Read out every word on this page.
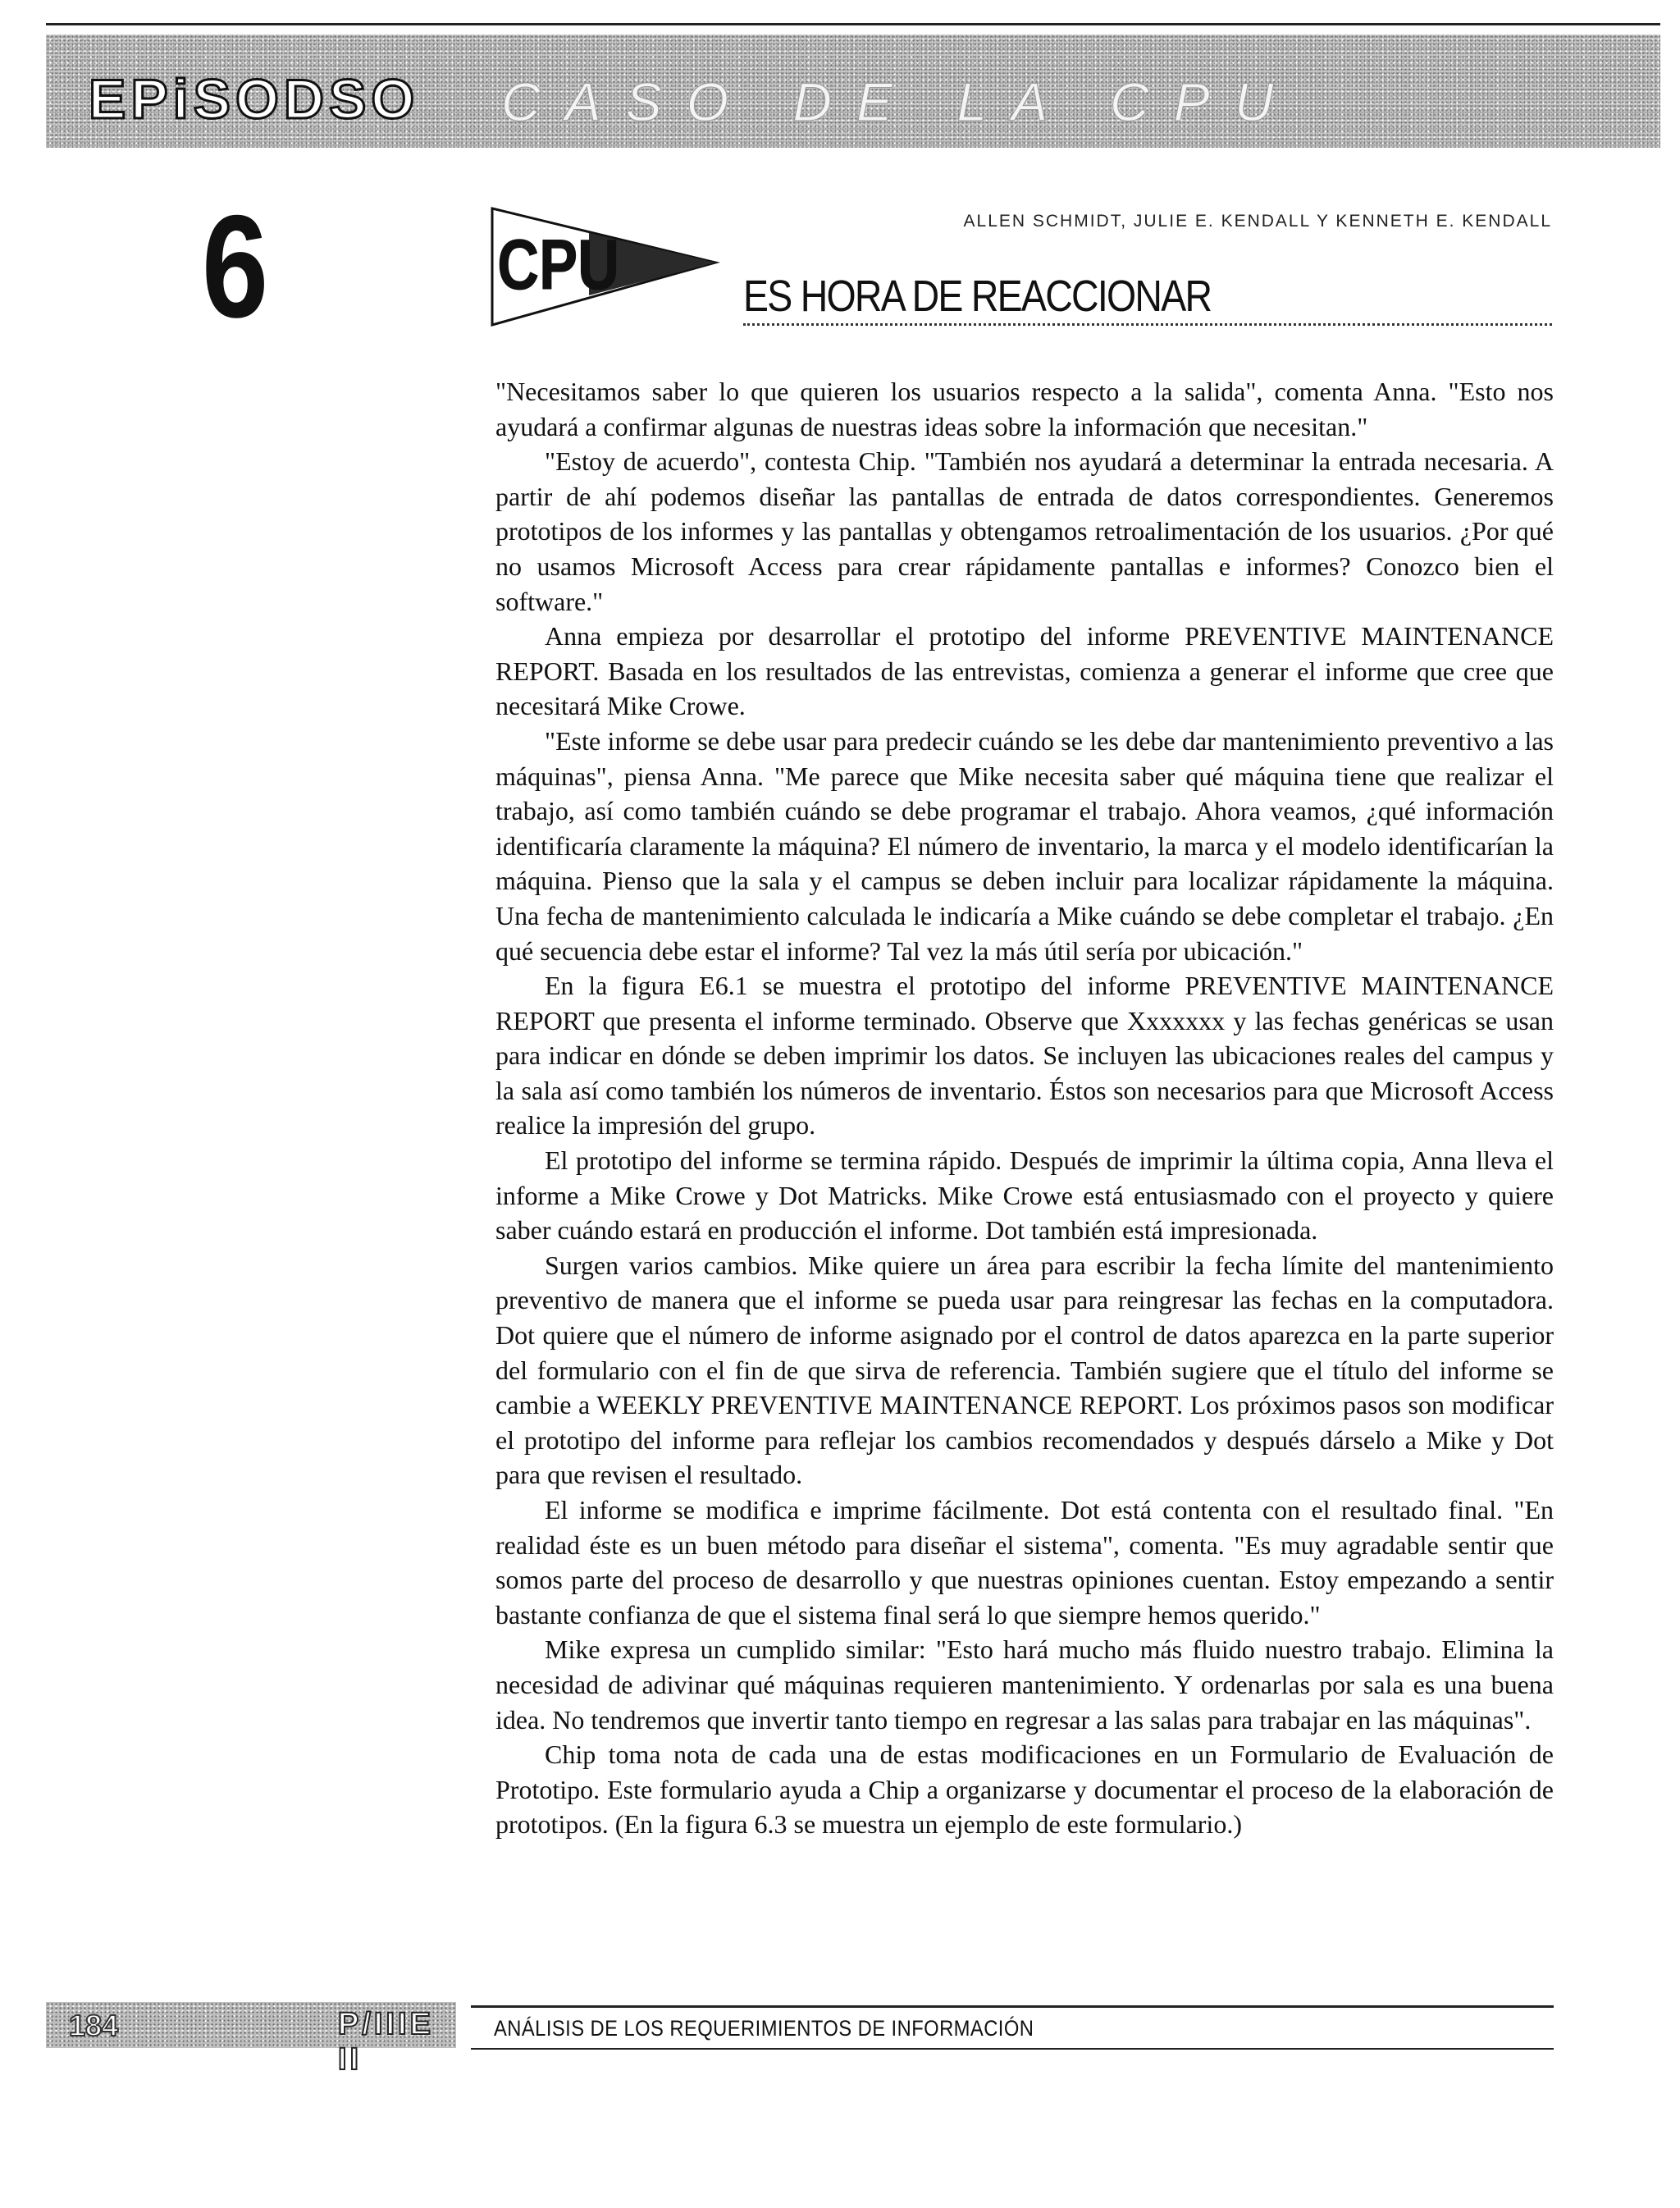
EPiSODSO CASO DE LA CPU
6	CPU
ALLEN SCHMIDT, JULIE E. KENDALL Y KENNETH E. KENDALL
ES HORA DE REACCIONAR

"Necesitamos saber lo que quieren los usuarios respecto a la salida", comenta Anna. "Esto nos ayudará a confirmar algunas de nuestras ideas sobre la información que necesitan."

"Estoy de acuerdo", contesta Chip. "También nos ayudará a determinar la entrada necesaria. A partir de ahí podemos diseñar las pantallas de entrada de datos correspondientes. Generemos prototipos de los informes y las pantallas y obtengamos retroalimentación de los usuarios. ¿Por qué no usamos Microsoft Access para crear rápidamente pantallas e informes? Conozco bien el software."

Anna empieza por desarrollar el prototipo del informe PREVENTIVE MAINTENANCE REPORT. Basada en los resultados de las entrevistas, comienza a generar el informe que cree que necesitará Mike Crowe.

"Este informe se debe usar para predecir cuándo se les debe dar mantenimiento preventivo a las máquinas", piensa Anna. "Me parece que Mike necesita saber qué máquina tiene que realizar el trabajo, así como también cuándo se debe programar el trabajo. Ahora veamos, ¿qué información identificaría claramente la máquina? El número de inventario, la marca y el modelo identificarían la máquina. Pienso que la sala y el campus se deben incluir para localizar rápidamente la máquina. Una fecha de mantenimiento calculada le indicaría a Mike cuándo se debe completar el trabajo. ¿En qué secuencia debe estar el informe? Tal vez la más útil sería por ubicación."

En la figura E6.1 se muestra el prototipo del informe PREVENTIVE MAINTENANCE REPORT que presenta el informe terminado. Observe que Xxxxxxx y las fechas genéricas se usan para indicar en dónde se deben imprimir los datos. Se incluyen las ubicaciones reales del campus y la sala así como también los números de inventario. Éstos son necesarios para que Microsoft Access realice la impresión del grupo.

El prototipo del informe se termina rápido. Después de imprimir la última copia, Anna lleva el informe a Mike Crowe y Dot Matricks. Mike Crowe está entusiasmado con el proyecto y quiere saber cuándo estará en producción el informe. Dot también está impresionada.

Surgen varios cambios. Mike quiere un área para escribir la fecha límite del mantenimiento preventivo de manera que el informe se pueda usar para reingresar las fechas en la computadora. Dot quiere que el número de informe asignado por el control de datos aparezca en la parte superior del formulario con el fin de que sirva de referencia. También sugiere que el título del informe se cambie a WEEKLY PREVENTIVE MAINTENANCE REPORT. Los próximos pasos son modificar el prototipo del informe para reflejar los cambios recomendados y después dárselo a Mike y Dot para que revisen el resultado.

El informe se modifica e imprime fácilmente. Dot está contenta con el resultado final. "En realidad éste es un buen método para diseñar el sistema", comenta. "Es muy agradable sentir que somos parte del proceso de desarrollo y que nuestras opiniones cuentan. Estoy empezando a sentir bastante confianza de que el sistema final será lo que siempre hemos querido."

Mike expresa un cumplido similar: "Esto hará mucho más fluido nuestro trabajo. Elimina la necesidad de adivinar qué máquinas requieren mantenimiento. Y ordenarlas por sala es una buena idea. No tendremos que invertir tanto tiempo en regresar a las salas para trabajar en las máquinas".

Chip toma nota de cada una de estas modificaciones en un Formulario de Evaluación de Prototipo. Este formulario ayuda a Chip a organizarse y documentar el proceso de la elaboración de prototipos. (En la figura 6.3 se muestra un ejemplo de este formulario.)

184	P/IIIE II
ANÁLISIS DE LOS REQUERIMIENTOS DE INFORMACIÓN
